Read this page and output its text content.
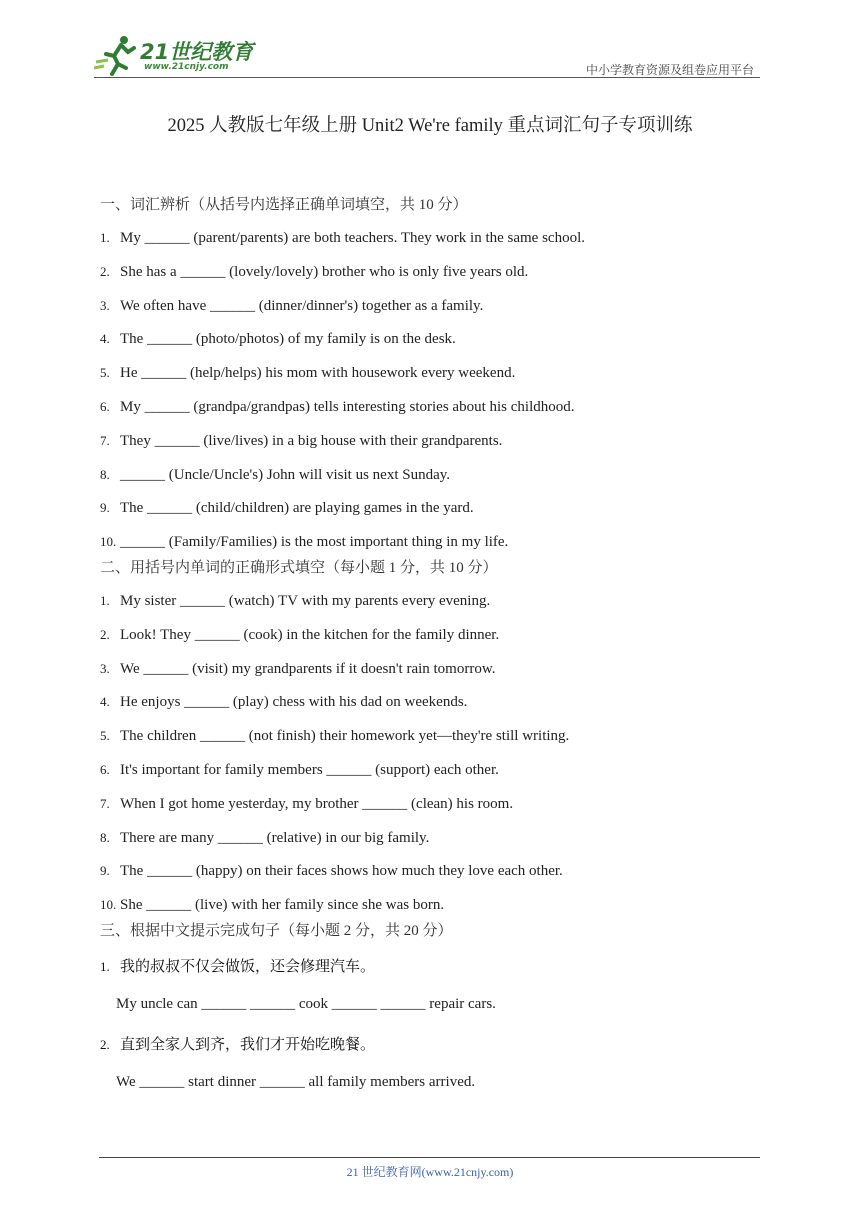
21世纪教育
www.21cnjy.com	中小学教育资源及组卷应用平台
2025 人教版七年级上册 Unit2 We're family 重点词汇句子专项训练
一、词汇辨析（从括号内选择正确单词填空，共 10 分）
1. My ______ (parent/parents) are both teachers. They work in the same school.
2. She has a ______ (lovely/lovely) brother who is only five years old.
3. We often have ______ (dinner/dinner's) together as a family.
4. The ______ (photo/photos) of my family is on the desk.
5. He ______ (help/helps) his mom with housework every weekend.
6. My ______ (grandpa/grandpas) tells interesting stories about his childhood.
7. They ______ (live/lives) in a big house with their grandparents.
8. ______ (Uncle/Uncle's) John will visit us next Sunday.
9. The ______ (child/children) are playing games in the yard.
10. ______ (Family/Families) is the most important thing in my life.
二、用括号内单词的正确形式填空（每小题 1 分，共 10 分）
1. My sister ______ (watch) TV with my parents every evening.
2. Look! They ______ (cook) in the kitchen for the family dinner.
3. We ______ (visit) my grandparents if it doesn't rain tomorrow.
4. He enjoys ______ (play) chess with his dad on weekends.
5. The children ______ (not finish) their homework yet—they're still writing.
6. It's important for family members ______ (support) each other.
7. When I got home yesterday, my brother ______ (clean) his room.
8. There are many ______ (relative) in our big family.
9. The ______ (happy) on their faces shows how much they love each other.
10. She ______ (live) with her family since she was born.
三、根据中文提示完成句子（每小题 2 分，共 20 分）
1. 我的叔叔不仅会做饭，还会修理汽车。
My uncle can ______ ______ cook ______ ______ repair cars.
2. 直到全家人到齐，我们才开始吃晚餐。
We ______ start dinner ______ all family members arrived.
21 世纪教育网(www.21cnjy.com)
